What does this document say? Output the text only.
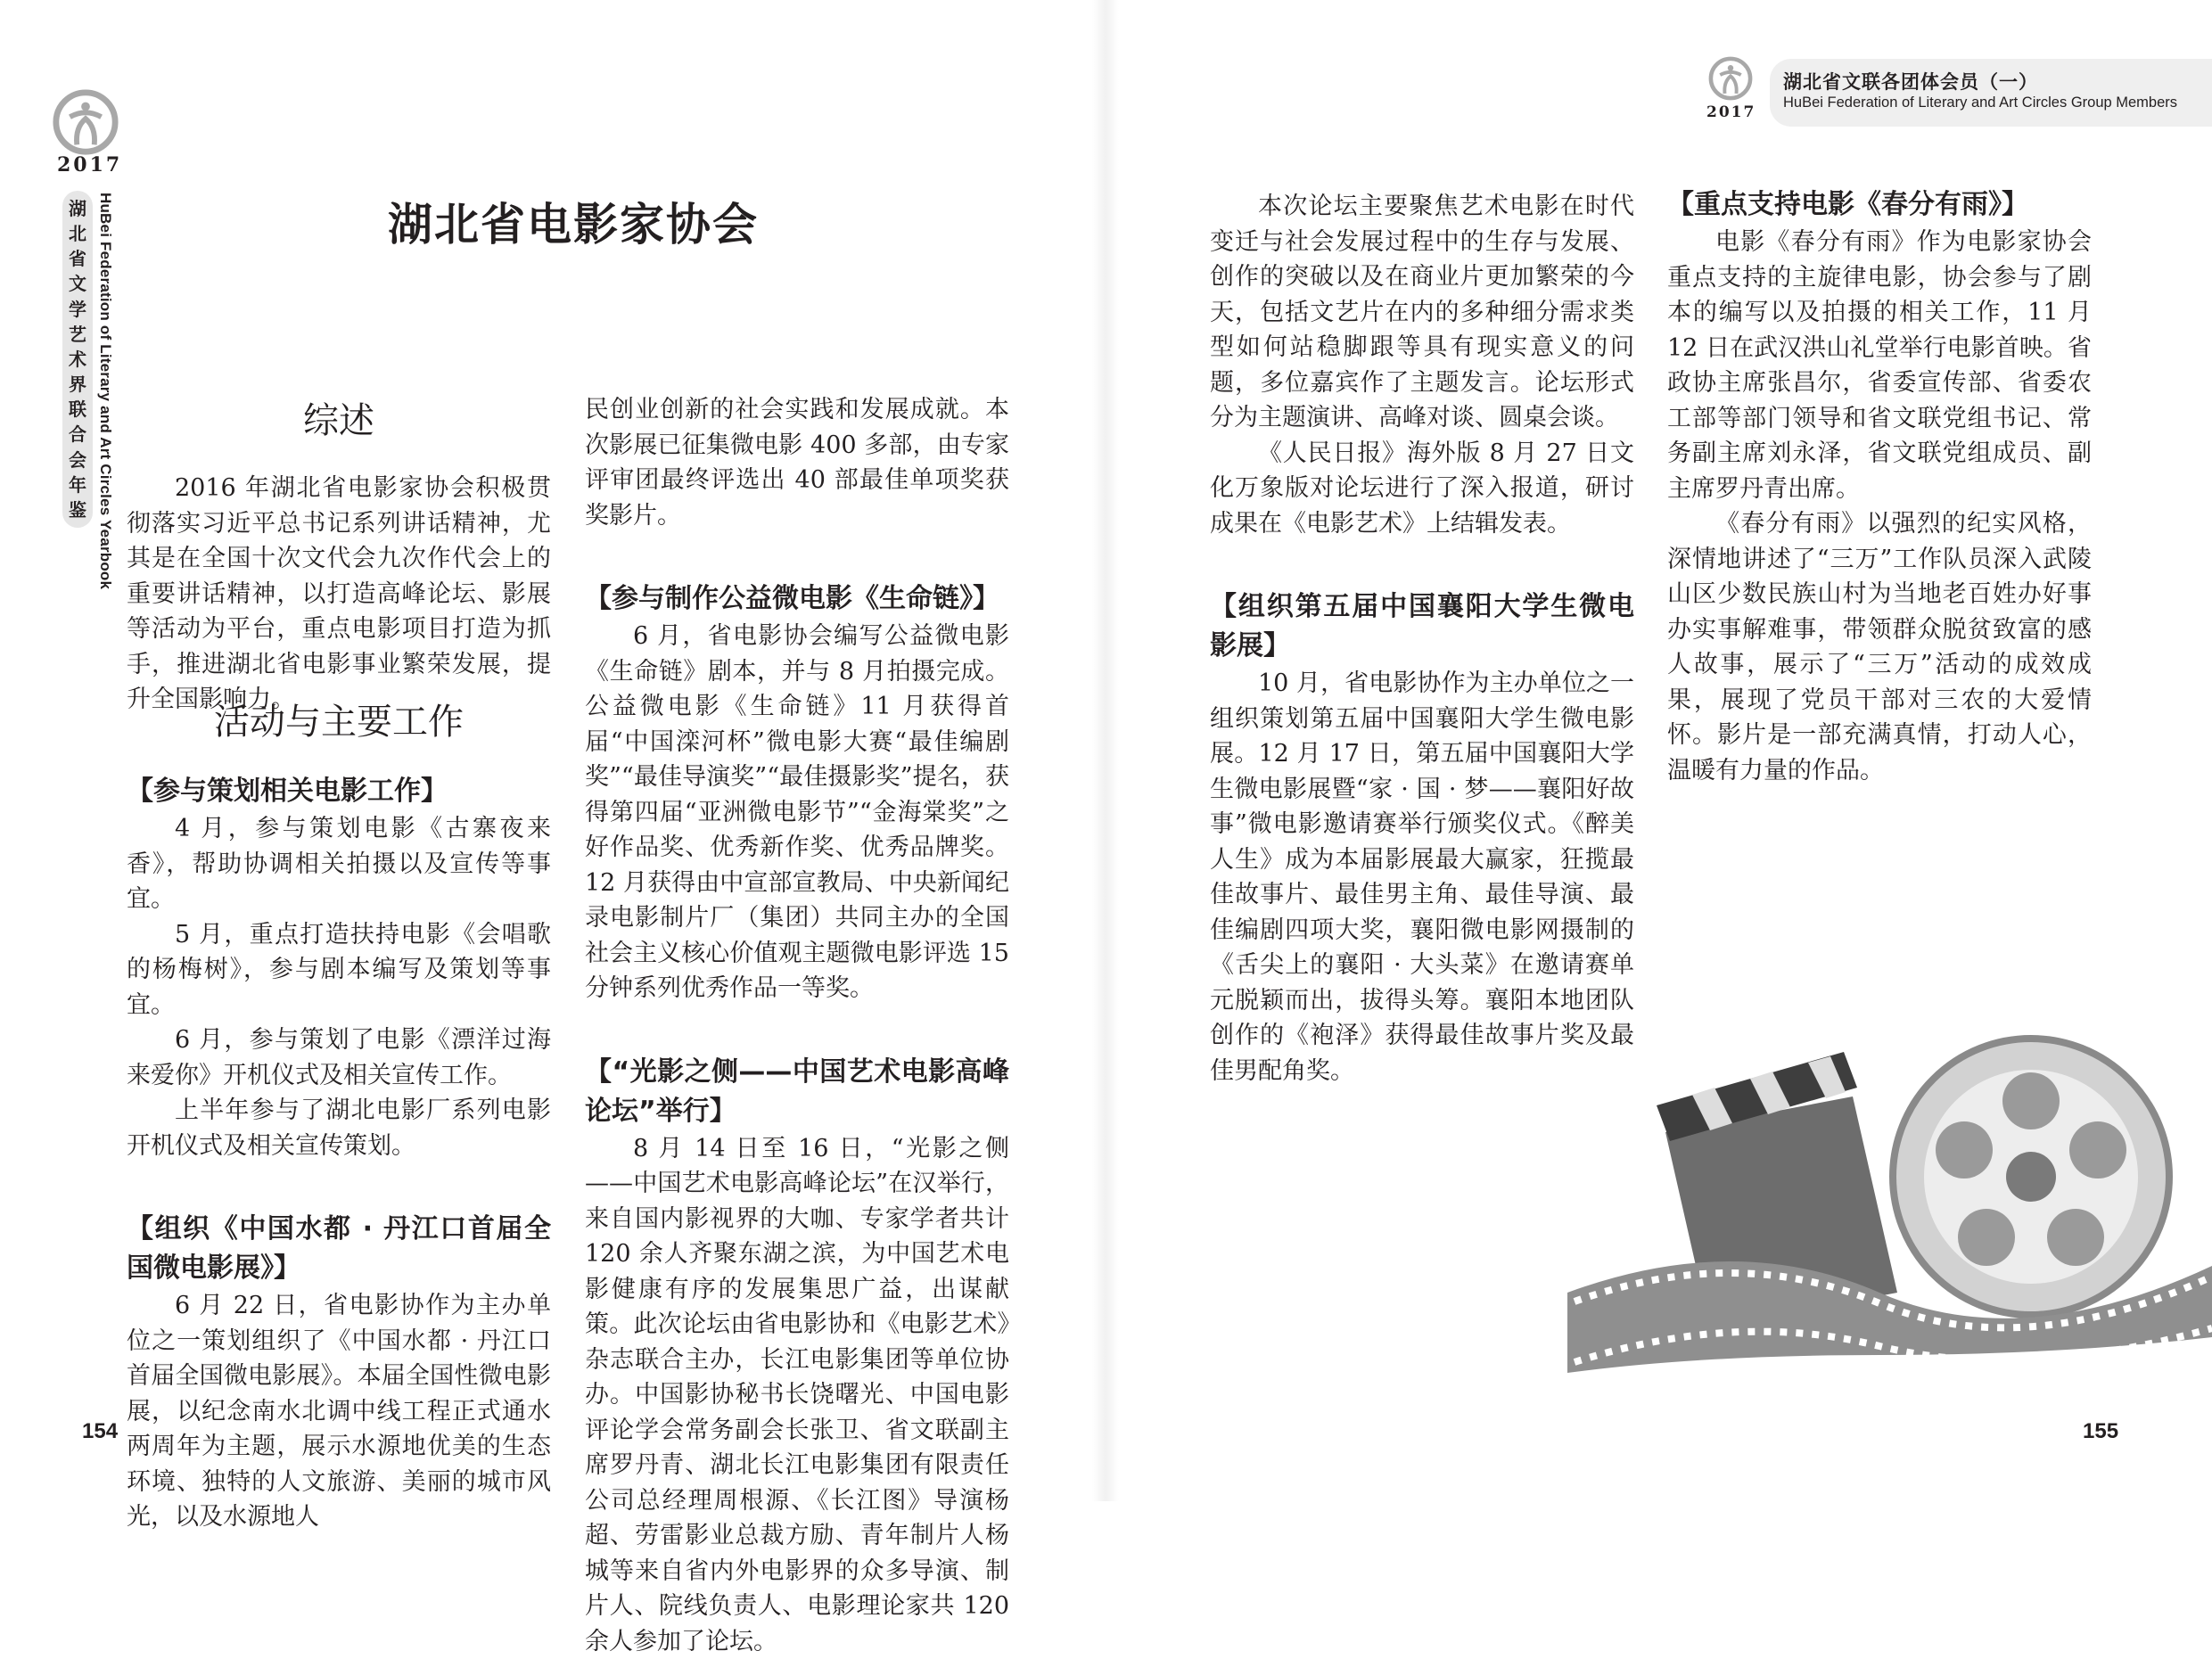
2017
湖
北
省
文
学
艺
术
界
联
合
会
年
鉴 HuBei Federation of Literary and Art Circles Yearbook	湖北省电影家协会
综述

2016 年湖北省电影家协会积极贯彻落实习近平总书记系列讲话精神，尤其是在全国十次文代会九次作代会上的重要讲话精神，以打造高峰论坛、影展等活动为平台，重点电影项目打造为抓手，推进湖北省电影事业繁荣发展，提升全国影响力。

活动与主要工作
【参与策划相关电影工作】

4 月，参与策划电影《古寨夜来香》，帮助协调相关拍摄以及宣传等事宜。

5 月，重点打造扶持电影《会唱歌的杨梅树》，参与剧本编写及策划等事宜。

6 月，参与策划了电影《漂洋过海来爱你》开机仪式及相关宣传工作。

上半年参与了湖北电影厂系列电影开机仪式及相关宣传策划。

【组织《中国水都 · 丹江口首届全国微电影展》】

6 月 22 日，省电影协作为主办单位之一策划组织了《中国水都 · 丹江口首届全国微电影展》。本届全国性微电影展，以纪念南水北调中线工程正式通水两周年为主题，展示水源地优美的生态环境、独特的人文旅游、美丽的城市风光，以及水源地人

民创业创新的社会实践和发展成就。本次影展已征集微电影 400 多部，由专家评审团最终评选出 40 部最佳单项奖获奖影片。

【参与制作公益微电影《生命链》】

6 月，省电影协会编写公益微电影《生命链》剧本，并与 8 月拍摄完成。公益微电影《生命链》11 月获得首届“中国滦河杯”微电影大赛“最佳编剧奖”“最佳导演奖”“最佳摄影奖”提名，获得第四届“亚洲微电影节”“金海棠奖”之好作品奖、优秀新作奖、优秀品牌奖。12 月获得由中宣部宣教局、中央新闻纪录电影制片厂（集团）共同主办的全国社会主义核心价值观主题微电影评选 15 分钟系列优秀作品一等奖。

【“光影之侧——中国艺术电影高峰论坛”举行】

8 月 14 日至 16 日，“光影之侧——中国艺术电影高峰论坛”在汉举行，来自国内影视界的大咖、专家学者共计 120 余人齐聚东湖之滨，为中国艺术电影健康有序的发展集思广益，出谋献策。此次论坛由省电影协和《电影艺术》杂志联合主办，长江电影集团等单位协办。中国影协秘书长饶曙光、中国电影评论学会常务副会长张卫、省文联副主席罗丹青、湖北长江电影集团有限责任公司总经理周根源、《长江图》导演杨超、劳雷影业总裁方励、青年制片人杨城等来自省内外电影界的众多导演、制片人、院线负责人、电影理论家共 120 余人参加了论坛。

154
2017
湖北省文联各团体会员（一）
HuBei Federation of Literary and Art Circles Group Members

本次论坛主要聚焦艺术电影在时代变迁与社会发展过程中的生存与发展、创作的突破以及在商业片更加繁荣的今天，包括文艺片在内的多种细分需求类型如何站稳脚跟等具有现实意义的问题，多位嘉宾作了主题发言。论坛形式分为主题演讲、高峰对谈、圆桌会谈。

《人民日报》海外版 8 月 27 日文化万象版对论坛进行了深入报道，研讨成果在《电影艺术》上结辑发表。

【组织第五届中国襄阳大学生微电影展】

10 月，省电影协作为主办单位之一组织策划第五届中国襄阳大学生微电影展。12 月 17 日，第五届中国襄阳大学生微电影展暨“家 · 国 · 梦——襄阳好故事”微电影邀请赛举行颁奖仪式。《醉美人生》成为本届影展最大赢家，狂揽最佳故事片、最佳男主角、最佳导演、最佳编剧四项大奖，襄阳微电影网摄制的《舌尖上的襄阳 · 大头菜》在邀请赛单元脱颖而出，拔得头筹。襄阳本地团队创作的《袍泽》获得最佳故事片奖及最佳男配角奖。

【重点支持电影《春分有雨》】

电影《春分有雨》作为电影家协会重点支持的主旋律电影，协会参与了剧本的编写以及拍摄的相关工作，11 月 12 日在武汉洪山礼堂举行电影首映。省政协主席张昌尔，省委宣传部、省委农工部等部门领导和省文联党组书记、常务副主席刘永泽，省文联党组成员、副主席罗丹青出席。

《春分有雨》以强烈的纪实风格，深情地讲述了“三万”工作队员深入武陵山区少数民族山村为当地老百姓办好事办实事解难事，带领群众脱贫致富的感人故事，展示了“三万”活动的成效成果，展现了党员干部对三农的大爱情怀。影片是一部充满真情，打动人心，温暖有力量的作品。

155
